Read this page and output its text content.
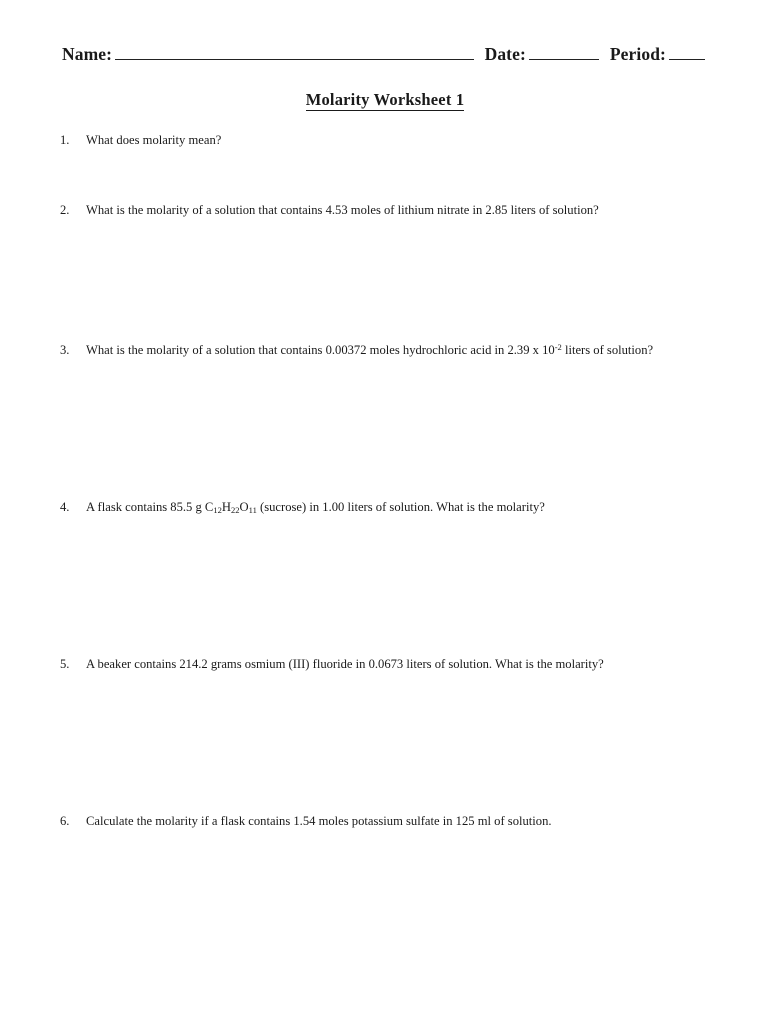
Name:	Date:	Period:
Molarity Worksheet 1
1.	What does molarity mean?
2.	What is the molarity of a solution that contains 4.53 moles of lithium nitrate in 2.85 liters of solution?
3.	What is the molarity of a solution that contains 0.00372 moles hydrochloric acid in 2.39 x $10^{-2}$ liters of solution?
4.	A flask contains 85.5 g $C_{12}H_{22}O_{11}$ (sucrose) in 1.00 liters of solution. What is the molarity?
5.	A beaker contains 214.2 grams osmium (III) fluoride in 0.0673 liters of solution. What is the molarity?
6.	Calculate the molarity if a flask contains 1.54 moles potassium sulfate in 125 ml of solution.
